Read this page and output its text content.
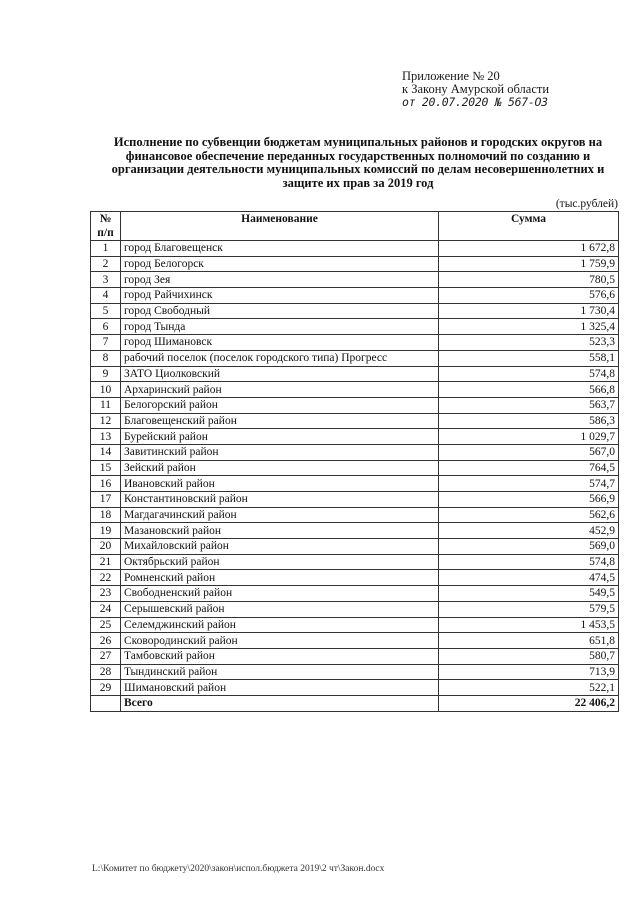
Приложение № 20
к Закону Амурской области
от 20.07.2020 № 567-ОЗ
Исполнение по субвенции бюджетам муниципальных районов и городских округов на финансовое обеспечение переданных государственных полномочий по созданию и организации деятельности муниципальных комиссий по делам несовершеннолетних и защите их прав за 2019 год
(тыс.рублей)
№	Наименование	Сумма
п/п		
1	город Благовещенск	1 672,8
2	город Белогорск	1 759,9
3	город Зея	780,5
4	город Райчихинск	576,6
5	город Свободный	1 730,4
6	город Тында	1 325,4
7	город Шимановск	523,3
8	рабочий поселок (поселок городского типа) Прогресс	558,1
9	ЗАТО Циолковский	574,8
10	Архаринский район	566,8
11	Белогорский район	563,7
12	Благовещенский район	586,3
13	Бурейский район	1 029,7
14	Завитинский район	567,0
15	Зейский район	764,5
16	Ивановский район	574,7
17	Константиновский район	566,9
18	Магдагачинский район	562,6
19	Мазановский район	452,9
20	Михайловский район	569,0
21	Октябрьский район	574,8
22	Ромненский район	474,5
23	Свободненский район	549,5
24	Серышевский район	579,5
25	Селемджинский район	1 453,5
26	Сковородинский район	651,8
27	Тамбовский район	580,7
28	Тындинский район	713,9
29	Шимановский район	522,1
	Всего	22 406,2
L:\Комитет по бюджету\2020\закон\испол.бюджета 2019\2 чт\Закон.docx
